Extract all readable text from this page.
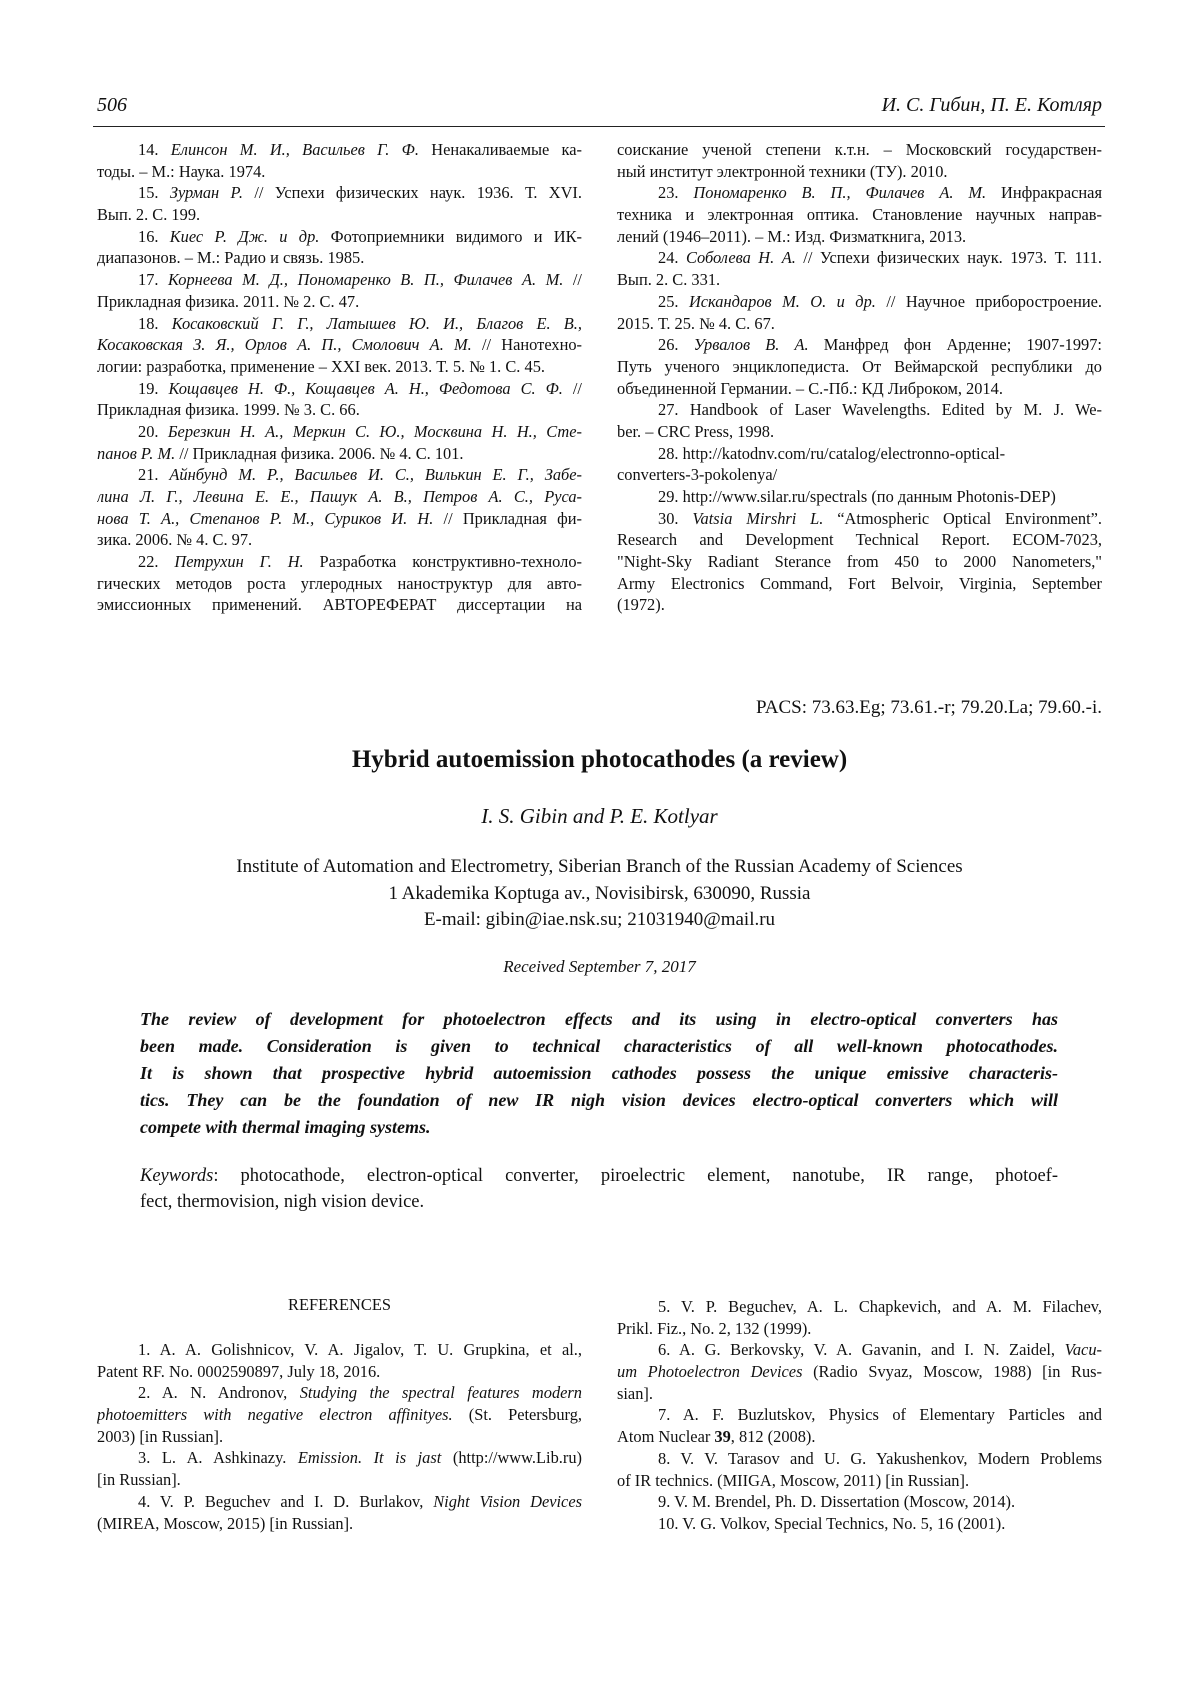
506	И. С. Гибин, П. Е. Котляр
14. Елинсон М. И., Васильев Г. Ф. Ненакаливаемые ка-
тоды. – М.: Наука. 1974.
15. Зурман Р. // Успехи физических наук. 1936. Т. XVI.
Вып. 2. С. 199.
16. Киес Р. Дж. и др. Фотоприемники видимого и ИК-
диапазонов. – М.: Радио и связь. 1985.
17. Корнеева М. Д., Пономаренко В. П., Филачев А. М. //
Прикладная физика. 2011. № 2. С. 47.
18. Косаковский Г. Г., Латышев Ю. И., Благов Е. В.,
Косаковская З. Я., Орлов А. П., Смолович А. М. // Нанотехно-
логии: разработка, применение – XXI век. 2013. Т. 5. № 1. С. 45.
19. Кощавцев Н. Ф., Кощавцев А. Н., Федотова С. Ф. //
Прикладная физика. 1999. № 3. С. 66.
20. Березкин Н. А., Меркин С. Ю., Москвина Н. Н., Сте-
панов Р. М. // Прикладная физика. 2006. № 4. С. 101.
21. Айнбунд М. Р., Васильев И. С., Вилькин Е. Г., Забе-
лина Л. Г., Левина Е. Е., Пашук А. В., Петров А. С., Руса-
нова Т. А., Степанов Р. М., Суриков И. Н. // Прикладная фи-
зика. 2006. № 4. С. 97.
22. Петрухин Г. Н. Разработка конструктивно-техноло-
гических методов роста углеродных наноструктур для авто-
эмиссионных применений. АВТОРЕФЕРАТ диссертации на
соискание ученой степени к.т.н. – Московский государствен-
ный институт электронной техники (ТУ). 2010.
23. Пономаренко В. П., Филачев А. М. Инфракрасная
техника и электронная оптика. Становление научных направ-
лений (1946–2011). – М.: Изд. Физматкнига, 2013.
24. Соболева Н. А. // Успехи физических наук. 1973. Т. 111.
Вып. 2. С. 331.
25. Искандаров М. О. и др. // Научное приборостроение.
2015. Т. 25. № 4. С. 67.
26. Урвалов В. А. Манфред фон Арденне; 1907-1997:
Путь ученого энциклопедиста. От Веймарской республики до
объединенной Германии. – С.-Пб.: КД Либроком, 2014.
27. Handbook of Laser Wavelengths. Edited by M. J. We-
ber. – CRC Press, 1998.
28. http://katodnv.com/ru/catalog/electronno-optical-
converters-3-pokolenya/
29. http://www.silar.ru/spectrals (по данным Photonis-DEP)
30. Vatsia Mirshri L. “Atmospheric Optical Environment”.
Research and Development Technical Report. ECOM-7023,
"Night-Sky Radiant Sterance from 450 to 2000 Nanometers,"
Army Electronics Command, Fort Belvoir, Virginia, September
(1972).
PACS: 73.63.Eg; 73.61.-r; 79.20.La; 79.60.-i.
Hybrid autoemission photocathodes (a review)
I. S. Gibin and P. E. Kotlyar
Institute of Automation and Electrometry, Siberian Branch of the Russian Academy of Sciences
1 Akademika Koptuga av., Novisibirsk, 630090, Russia
E-mail: gibin@iae.nsk.su; 21031940@mail.ru
Received September 7, 2017
The review of development for photoelectron effects and its using in electro-optical converters has
been made. Consideration is given to technical characteristics of all well-known photocathodes.
It is shown that prospective hybrid autoemission cathodes possess the unique emissive characteris-
tics. They can be the foundation of new IR nigh vision devices electro-optical converters which will
compete with thermal imaging systems.
Keywords: photocathode, electron-optical converter, piroelectric element, nanotube, IR range, photoef-
fect, thermovision, nigh vision device.
REFERENCES
1. A. A. Golishnicov, V. A. Jigalov, T. U. Grupkina, et al.,
Patent RF. No. 0002590897, July 18, 2016.
2. A. N. Andronov, Studying the spectral features modern
photoemitters with negative electron affinityes. (St. Petersburg,
2003) [in Russian].
3. L. A. Ashkinazy. Emission. It is jast (http://www.Lib.ru)
[in Russian].
4. V. P. Beguchev and I. D. Burlakov, Night Vision Devices
(MIREA, Moscow, 2015) [in Russian].
5. V. P. Beguchev, A. L. Chapkevich, and A. M. Filachev,
Prikl. Fiz., No. 2, 132 (1999).
6. A. G. Berkovsky, V. A. Gavanin, and I. N. Zaidel, Vacu-
um Photoelectron Devices (Radio Svyaz, Moscow, 1988) [in Rus-
sian].
7. A. F. Buzlutskov, Physics of Elementary Particles and
Atom Nuclear 39, 812 (2008).
8. V. V. Tarasov and U. G. Yakushenkov, Modern Problems
of IR technics. (MIIGA, Moscow, 2011) [in Russian].
9. V. M. Brendel, Ph. D. Dissertation (Moscow, 2014).
10. V. G. Volkov, Special Technics, No. 5, 16 (2001).
